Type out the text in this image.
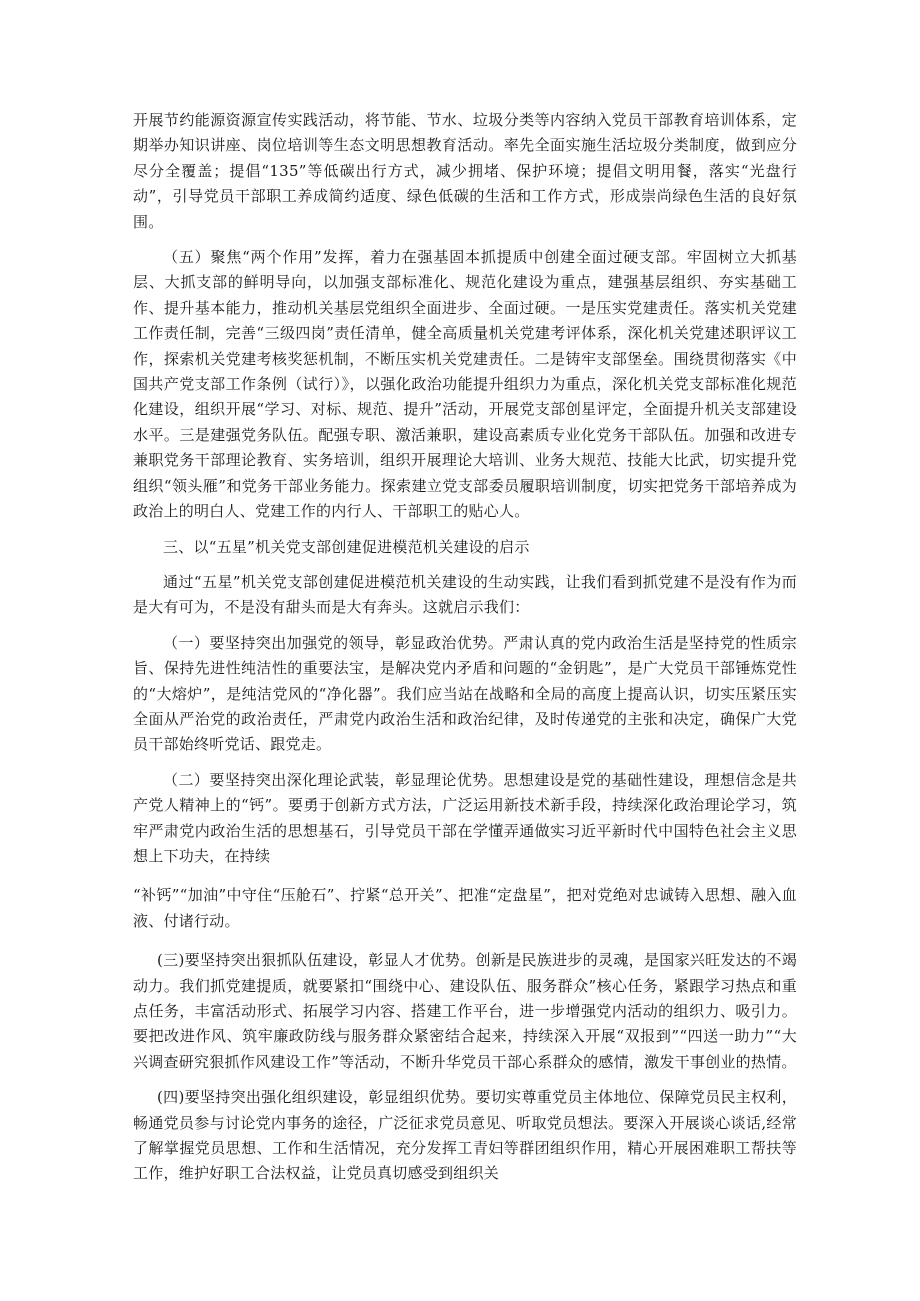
开展节约能源资源宣传实践活动，将节能、节水、垃圾分类等内容纳入党员干部教育培训体系，定期举办知识讲座、岗位培训等生态文明思想教育活动。率先全面实施生活垃圾分类制度，做到应分尽分全覆盖；提倡“135”等低碳出行方式，减少拥堵、保护环境；提倡文明用餐，落实“光盘行动”，引导党员干部职工养成简约适度、绿色低碳的生活和工作方式，形成崇尚绿色生活的良好氛围。

（五）聚焦“两个作用”发挥，着力在强基固本抓提质中创建全面过硬支部。牢固树立大抓基层、大抓支部的鲜明导向，以加强支部标准化、规范化建设为重点，建强基层组织、夯实基础工作、提升基本能力，推动机关基层党组织全面进步、全面过硬。一是压实党建责任。落实机关党建工作责任制，完善“三级四岗”责任清单，健全高质量机关党建考评体系，深化机关党建述职评议工作，探索机关党建考核奖惩机制，不断压实机关党建责任。二是铸牢支部堡垒。围绕贯彻落实《中国共产党支部工作条例（试行）》，以强化政治功能提升组织力为重点，深化机关党支部标准化规范化建设，组织开展“学习、对标、规范、提升”活动，开展党支部创星评定，全面提升机关支部建设水平。三是建强党务队伍。配强专职、激活兼职，建设高素质专业化党务干部队伍。加强和改进专兼职党务干部理论教育、实务培训，组织开展理论大培训、业务大规范、技能大比武，切实提升党组织“领头雁”和党务干部业务能力。探索建立党支部委员履职培训制度，切实把党务干部培养成为政治上的明白人、党建工作的内行人、干部职工的贴心人。

三、以“五星”机关党支部创建促进模范机关建设的启示

通过“五星”机关党支部创建促进模范机关建设的生动实践，让我们看到抓党建不是没有作为而是大有可为，不是没有甜头而是大有奔头。这就启示我们：

（一）要坚持突出加强党的领导，彰显政治优势。严肃认真的党内政治生活是坚持党的性质宗旨、保持先进性纯洁性的重要法宝，是解决党内矛盾和问题的“金钥匙”，是广大党员干部锤炼党性的“大熔炉”，是纯洁党风的“净化器”。我们应当站在战略和全局的高度上提高认识，切实压紧压实全面从严治党的政治责任，严肃党内政治生活和政治纪律，及时传递党的主张和决定，确保广大党员干部始终听党话、跟党走。

（二）要坚持突出深化理论武装，彰显理论优势。思想建设是党的基础性建设，理想信念是共产党人精神上的“钙”。要勇于创新方式方法，广泛运用新技术新手段，持续深化政治理论学习，筑牢严肃党内政治生活的思想基石，引导党员干部在学懂弄通做实习近平新时代中国特色社会主义思想上下功夫，在持续

“补钙”“加油”中守住“压舱石”、拧紧“总开关”、把准“定盘星”，把对党绝对忠诚铸入思想、融入血液、付诸行动。

(三)要坚持突出狠抓队伍建设，彰显人才优势。创新是民族进步的灵魂，是国家兴旺发达的不竭动力。我们抓党建提质，就要紧扣“围绕中心、建设队伍、服务群众”核心任务，紧跟学习热点和重点任务，丰富活动形式、拓展学习内容、搭建工作平台，进一步增强党内活动的组织力、吸引力。要把改进作风、筑牢廉政防线与服务群众紧密结合起来，持续深入开展“双报到”“四送一助力”“大兴调查研究狠抓作风建设工作”等活动，不断升华党员干部心系群众的感情，激发干事创业的热情。

(四)要坚持突出强化组织建设，彰显组织优势。要切实尊重党员主体地位、保障党员民主权利，畅通党员参与讨论党内事务的途径，广泛征求党员意见、听取党员想法。要深入开展谈心谈话,经常了解掌握党员思想、工作和生活情况，充分发挥工青妇等群团组织作用，精心开展困难职工帮扶等工作，维护好职工合法权益，让党员真切感受到组织关
